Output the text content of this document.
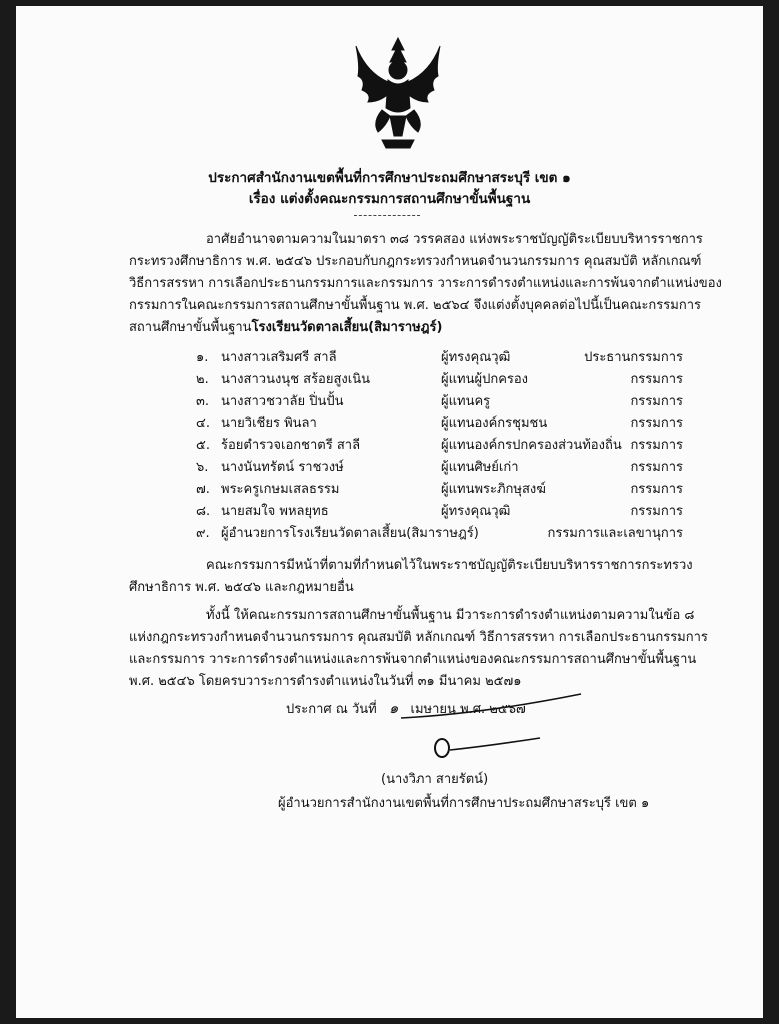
ประกาศสำนักงานเขตพื้นที่การศึกษาประถมศึกษาสระบุรี เขต ๑
เรื่อง แต่งตั้งคณะกรรมการสถานศึกษาขั้นพื้นฐาน
อาศัยอำนาจตามความในมาตรา ๓๘ วรรคสอง แห่งพระราชบัญญัติระเบียบบริหารราชการ
กระทรวงศึกษาธิการ พ.ศ. ๒๕๔๖ ประกอบกับกฎกระทรวงกำหนดจำนวนกรรมการ คุณสมบัติ หลักเกณฑ์
วิธีการสรรหา การเลือกประธานกรรมการและกรรมการ วาระการดำรงตำแหน่งและการพ้นจากตำแหน่งของ
กรรมการในคณะกรรมการสถานศึกษาขั้นพื้นฐาน พ.ศ. ๒๕๖๔ จึงแต่งตั้งบุคคลต่อไปนี้เป็นคณะกรรมการ
สถานศึกษาขั้นพื้นฐานโรงเรียนวัดตาลเสี้ยน(สิมาราษฎร์)
๑. นางสาวเสริมศรี สาลี	ผู้ทรงคุณวุฒิ	ประธานกรรมการ
๒. นางสาวนงนุช สร้อยสูงเนิน	ผู้แทนผู้ปกครอง	กรรมการ
๓. นางสาวชวาลัย ปิ่นปั้น	ผู้แทนครู	กรรมการ
๔. นายวิเชียร พินลา	ผู้แทนองค์กรชุมชน	กรรมการ
๕. ร้อยตำรวจเอกชาตรี สาลี	ผู้แทนองค์กรปกครองส่วนท้องถิ่น กรรมการ
๖. นางนันทรัตน์ ราชวงษ์	ผู้แทนศิษย์เก่า	กรรมการ
๗. พระครูเกษมเสลธรรม	ผู้แทนพระภิกษุสงฆ์	กรรมการ
๘. นายสมใจ พหลยุทธ	ผู้ทรงคุณวุฒิ	กรรมการ
๙. ผู้อำนวยการโรงเรียนวัดตาลเสี้ยน(สิมาราษฎร์)	กรรมการและเลขานุการ
คณะกรรมการมีหน้าที่ตามที่กำหนดไว้ในพระราชบัญญัติระเบียบบริหารราชการกระทรวง
ศึกษาธิการ พ.ศ. ๒๕๔๖ และกฎหมายอื่น
ทั้งนี้ ให้คณะกรรมการสถานศึกษาขั้นพื้นฐาน มีวาระการดำรงตำแหน่งตามความในข้อ ๘
แห่งกฎกระทรวงกำหนดจำนวนกรรมการ คุณสมบัติ หลักเกณฑ์ วิธีการสรรหา การเลือกประธานกรรมการ
และกรรมการ วาระการดำรงตำแหน่งและการพ้นจากตำแหน่งของคณะกรรมการสถานศึกษาขั้นพื้นฐาน
พ.ศ. ๒๕๔๖ โดยครบวาระการดำรงตำแหน่งในวันที่ ๓๑ มีนาคม ๒๕๗๑
ประกาศ ณ วันที่ ๑ เมษายน พ.ศ. ๒๕๖๗
(นางวิภา สายรัตน์)
ผู้อำนวยการสำนักงานเขตพื้นที่การศึกษาประถมศึกษาสระบุรี เขต ๑
